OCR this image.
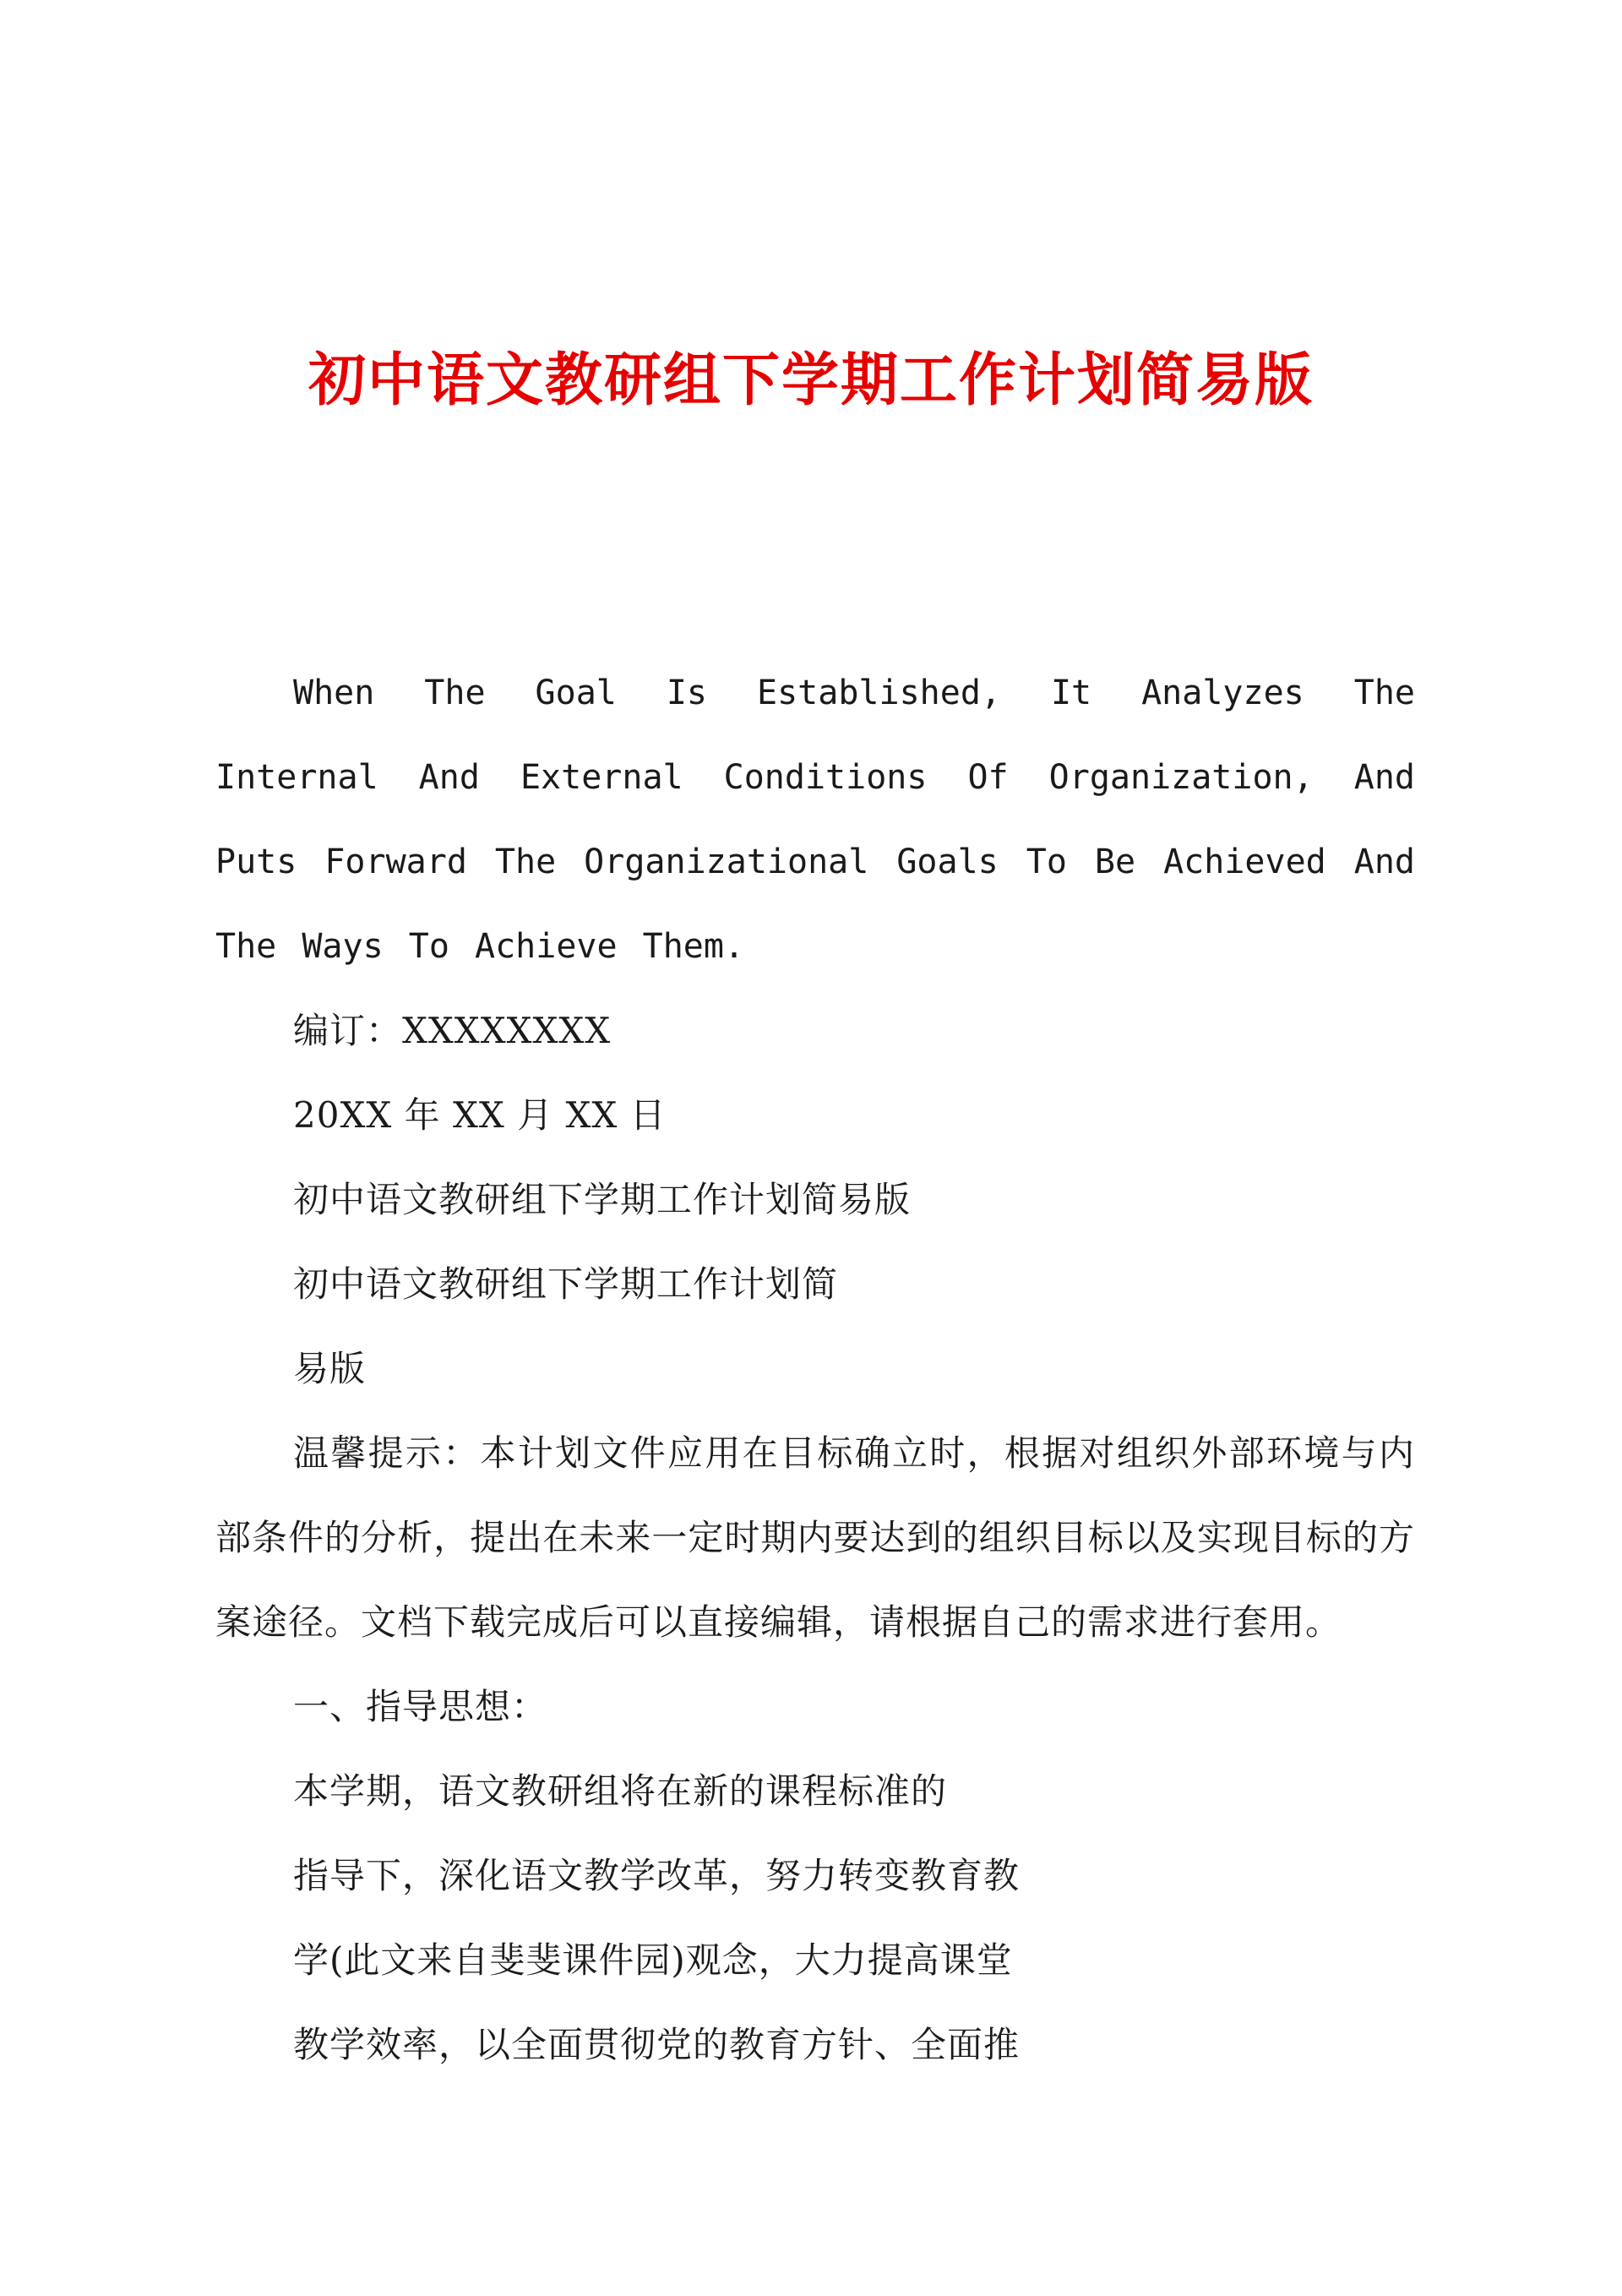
初中语文教研组下学期工作计划简易版

When The Goal Is Established, It Analyzes The Internal And External Conditions Of Organization, And Puts Forward The Organizational Goals To Be Achieved And The Ways To Achieve Them.

编订：XXXXXXXX

20XX 年 XX 月 XX 日

初中语文教研组下学期工作计划简易版

初中语文教研组下学期工作计划简

易版

温馨提示：本计划文件应用在目标确立时，根据对组织外部环境与内部条件的分析，提出在未来一定时期内要达到的组织目标以及实现目标的方案途径。文档下载完成后可以直接编辑，请根据自己的需求进行套用。

一、指导思想：

本学期，语文教研组将在新的课程标准的

指导下，深化语文教学改革，努力转变教育教

学(此文来自斐斐课件园)观念，大力提高课堂

教学效率，以全面贯彻党的教育方针、全面推
